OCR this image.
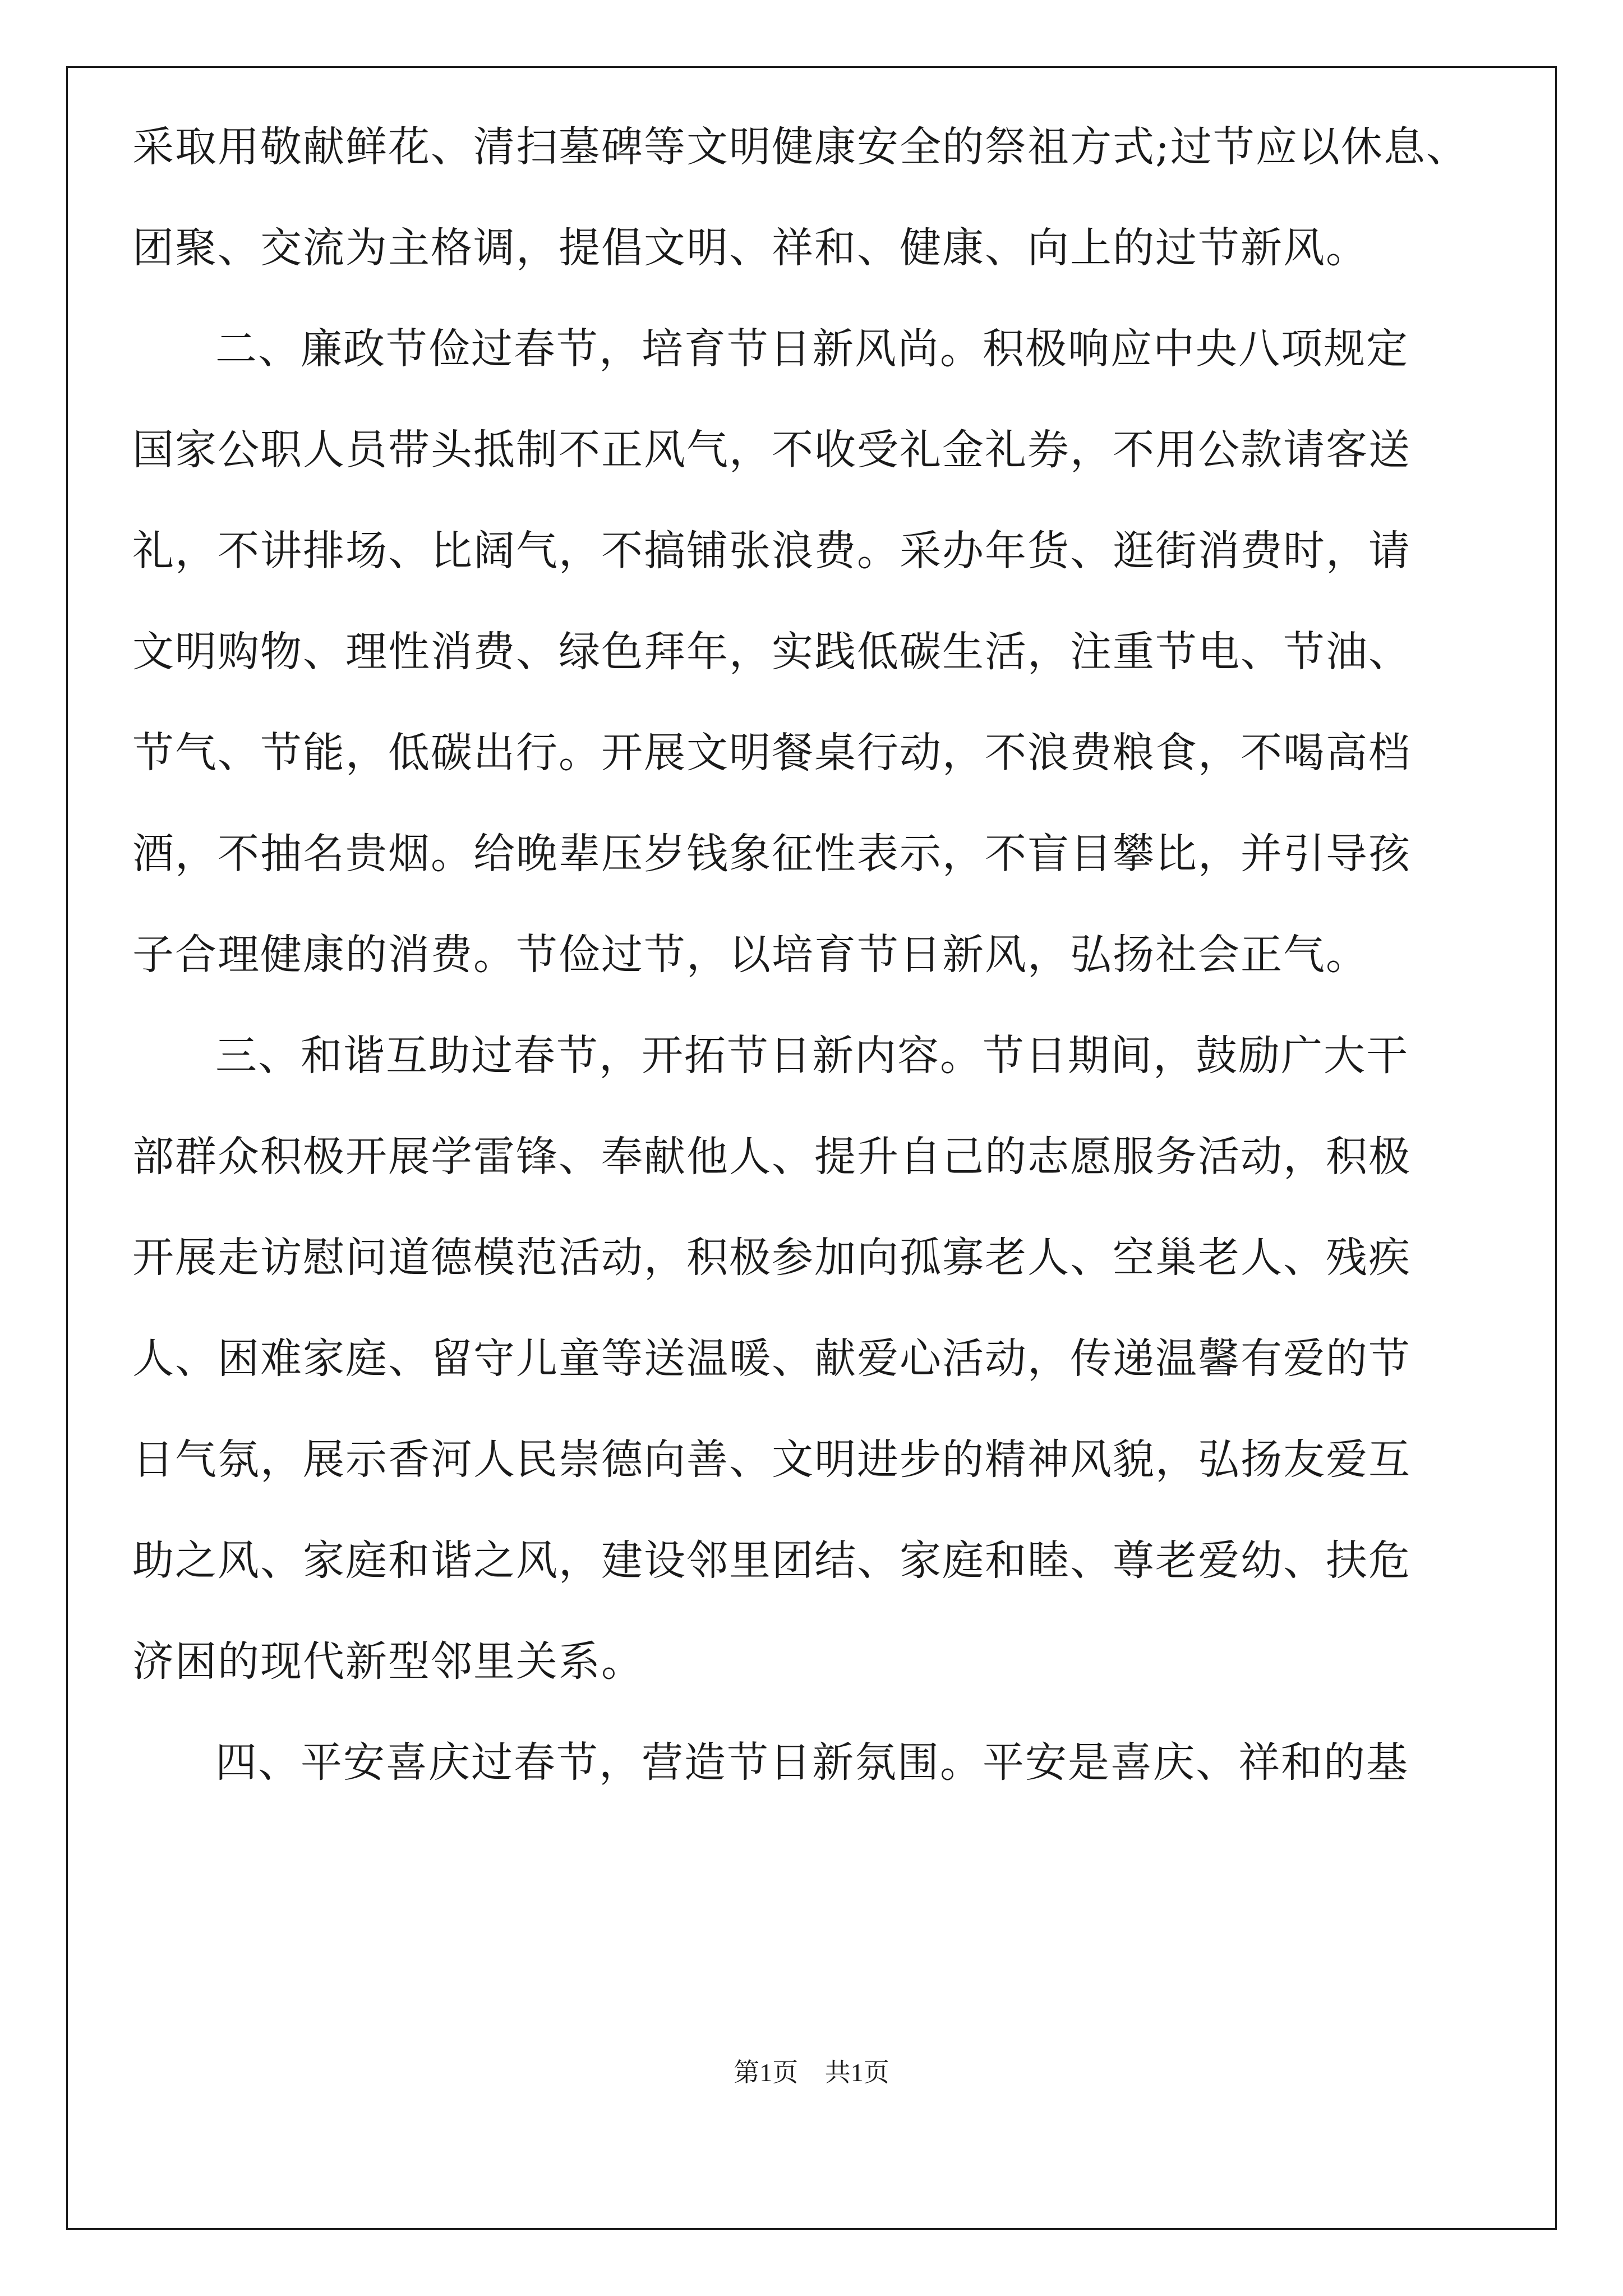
采取用敬献鲜花、清扫墓碑等文明健康安全的祭祖方式;过节应以休息、
团聚、交流为主格调，提倡文明、祥和、健康、向上的过节新风。
二、廉政节俭过春节，培育节日新风尚。积极响应中央八项规定
国家公职人员带头抵制不正风气，不收受礼金礼券，不用公款请客送
礼，不讲排场、比阔气，不搞铺张浪费。采办年货、逛街消费时，请
文明购物、理性消费、绿色拜年，实践低碳生活，注重节电、节油、
节气、节能，低碳出行。开展文明餐桌行动，不浪费粮食，不喝高档
酒，不抽名贵烟。给晚辈压岁钱象征性表示，不盲目攀比，并引导孩
子合理健康的消费。节俭过节，以培育节日新风，弘扬社会正气。
三、和谐互助过春节，开拓节日新内容。节日期间，鼓励广大干
部群众积极开展学雷锋、奉献他人、提升自己的志愿服务活动，积极
开展走访慰问道德模范活动，积极参加向孤寡老人、空巢老人、残疾
人、困难家庭、留守儿童等送温暖、献爱心活动，传递温馨有爱的节
日气氛，展示香河人民崇德向善、文明进步的精神风貌，弘扬友爱互
助之风、家庭和谐之风，建设邻里团结、家庭和睦、尊老爱幼、扶危
济困的现代新型邻里关系。
四、平安喜庆过春节，营造节日新氛围。平安是喜庆、祥和的基
第1页 共1页
